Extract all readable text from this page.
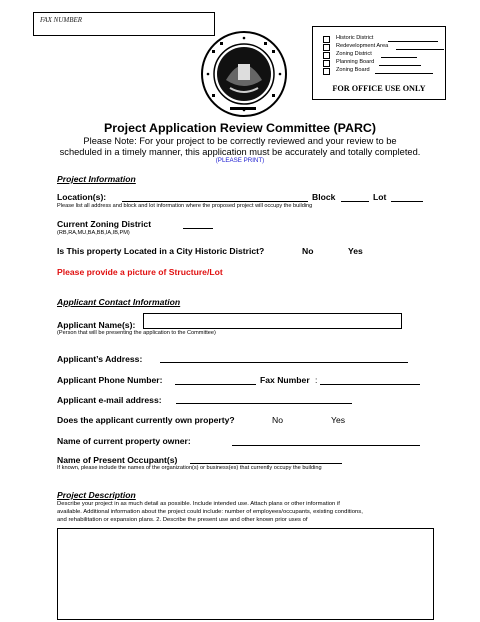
FAX NUMBER
Historic District
Redevelopment Area
Zoning District
Planning Board
Zoning Board
FOR OFFICE USE ONLY
Project Application Review Committee (PARC)
Please Note: For your project to be correctly reviewed and your review to be
scheduled in a timely manner, this application must be accurately and totally completed.
(PLEASE PRINT)
Project Information
Location(s):	Block	Lot
Please list all address and block and lot information where the proposed project will occupy the building
Current Zoning District
(RB,RA,MU,BA,BB,IA,IB,PM)
Is This property Located in a City Historic District?	No	Yes
Please provide a picture of Structure/Lot
Applicant Contact Information
Applicant Name(s):
(Person that will be presenting the application to the Committee)
Applicant’s Address:
Applicant Phone Number:	Fax Number :
Applicant e-mail address:
Does the applicant currently own property?	No	Yes
Name of current property owner:
Name of Present Occupant(s)
If known, please include the names of the organization(s) or business(es) that currently occupy the building
Project Description
Describe your project in as much detail as possible. Include intended use. Attach plans or other information if
available. Additional information about the project could include: number of employees/occupants, existing conditions,
and rehabilitation or expansion plans. 2. Describe the present use and other known prior uses of
